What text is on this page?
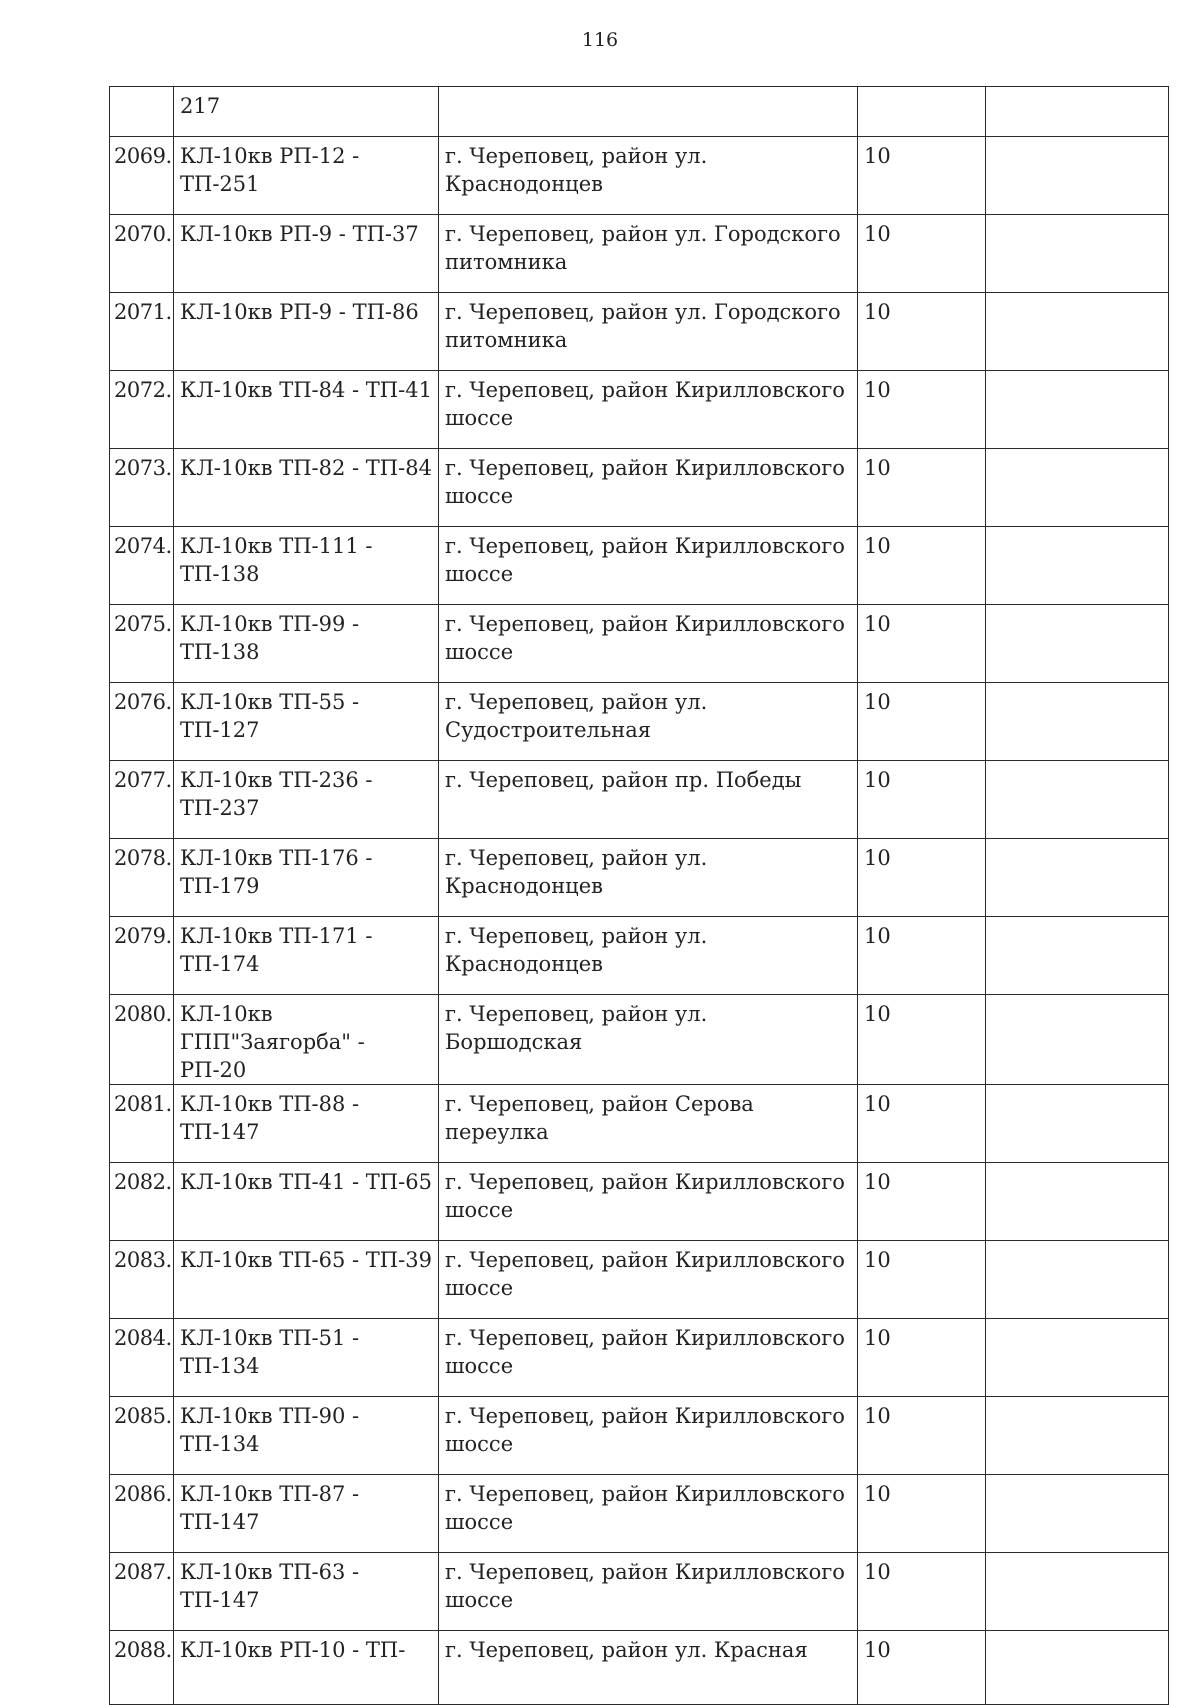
116
	217			
2069.	КЛ-10кв РП-12 - ТП-251	г. Череповец, район ул. Краснодонцев	10	
2070.	КЛ-10кв РП-9 - ТП-37	г. Череповец, район ул. Городского питомника	10	
2071.	КЛ-10кв РП-9 - ТП-86	г. Череповец, район ул. Городского питомника	10	
2072.	КЛ-10кв ТП-84 - ТП-41	г. Череповец, район Кирилловского шоссе	10	
2073.	КЛ-10кв ТП-82 - ТП-84	г. Череповец, район Кирилловского шоссе	10	
2074.	КЛ-10кв ТП-111 - ТП-138	г. Череповец, район Кирилловского шоссе	10	
2075.	КЛ-10кв ТП-99 - ТП-138	г. Череповец, район Кирилловского шоссе	10	
2076.	КЛ-10кв ТП-55 - ТП-127	г. Череповец, район ул. Судостроительная	10	
2077.	КЛ-10кв ТП-236 - ТП-237	г. Череповец, район пр. Победы	10	
2078.	КЛ-10кв ТП-176 - ТП-179	г. Череповец, район ул. Краснодонцев	10	
2079.	КЛ-10кв ТП-171 - ТП-174	г. Череповец, район ул. Краснодонцев	10	
2080.	КЛ-10кв ГПП"Заягорба" - РП-20	г. Череповец, район ул. Боршодская	10	
2081.	КЛ-10кв ТП-88 - ТП-147	г. Череповец, район Серова переулка	10	
2082.	КЛ-10кв ТП-41 - ТП-65	г. Череповец, район Кирилловского шоссе	10	
2083.	КЛ-10кв ТП-65 - ТП-39	г. Череповец, район Кирилловского шоссе	10	
2084.	КЛ-10кв ТП-51 - ТП-134	г. Череповец, район Кирилловского шоссе	10	
2085.	КЛ-10кв ТП-90 - ТП-134	г. Череповец, район Кирилловского шоссе	10	
2086.	КЛ-10кв ТП-87 - ТП-147	г. Череповец, район Кирилловского шоссе	10	
2087.	КЛ-10кв ТП-63 - ТП-147	г. Череповец, район Кирилловского шоссе	10	
2088.	КЛ-10кв РП-10 - ТП-	г. Череповец, район ул. Красная	10	
